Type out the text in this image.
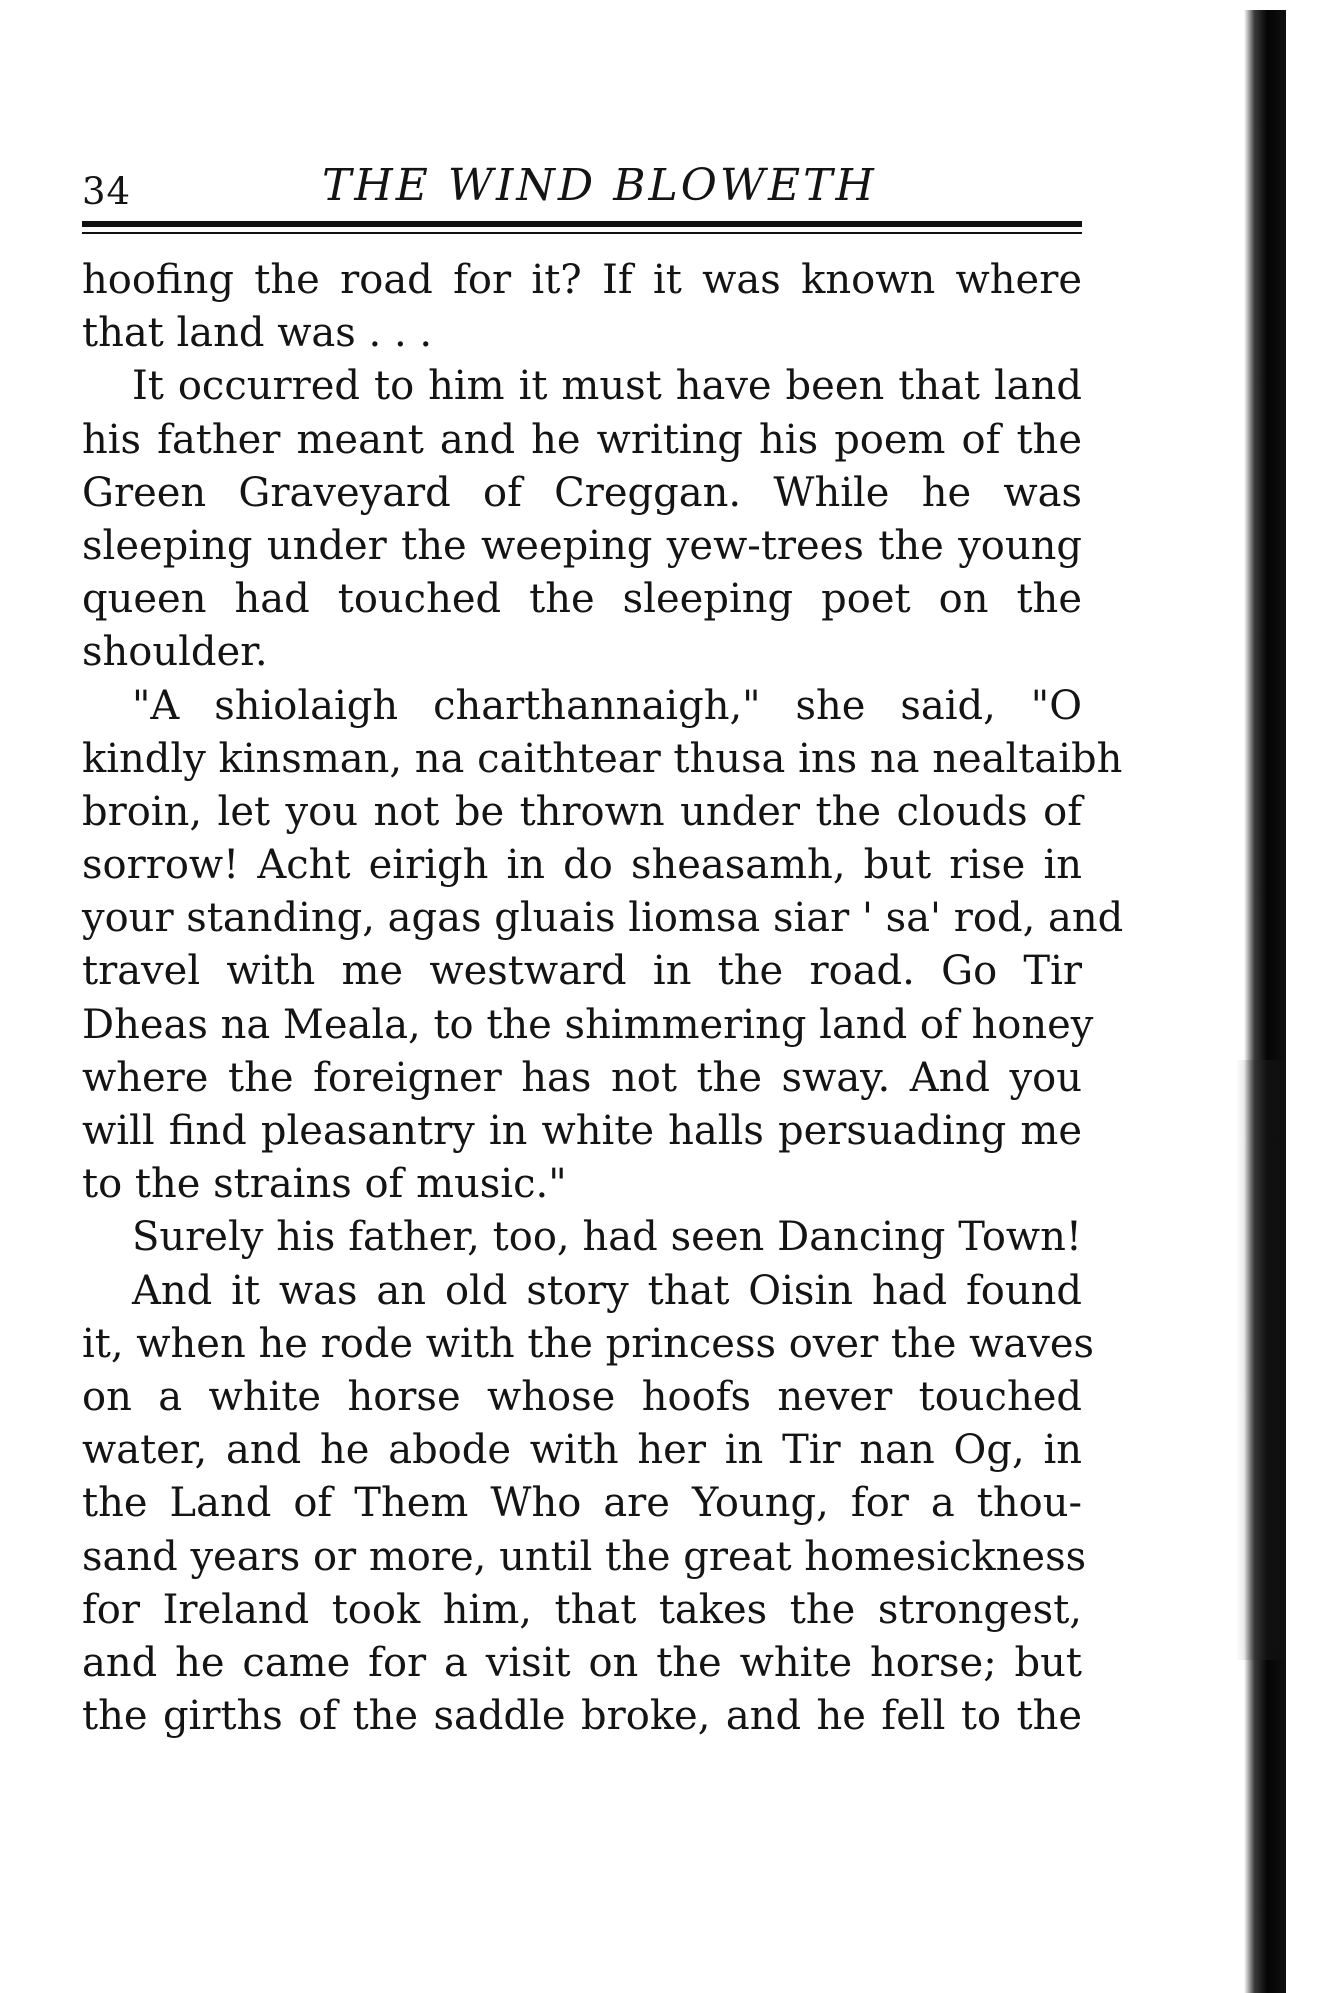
34	THE WIND BLOWETH
hoofing the road for it? If it was known where
that land was . . .
It occurred to him it must have been that land
his father meant and he writing his poem of the
Green Graveyard of Creggan. While he was
sleeping under the weeping yew-trees the young
queen had touched the sleeping poet on the
shoulder.
"A shiolaigh charthannaigh," she said, "O
kindly kinsman, na caithtear thusa ins na nealtaibh
broin, let you not be thrown under the clouds of
sorrow! Acht eirigh in do sheasamh, but rise in
your standing, agas gluais liomsa siar ' sa' rod, and
travel with me westward in the road. Go Tir
Dheas na Meala, to the shimmering land of honey
where the foreigner has not the sway. And you
will find pleasantry in white halls persuading me
to the strains of music."
Surely his father, too, had seen Dancing Town!
And it was an old story that Oisin had found
it, when he rode with the princess over the waves
on a white horse whose hoofs never touched
water, and he abode with her in Tir nan Og, in
the Land of Them Who are Young, for a thou-
sand years or more, until the great homesickness
for Ireland took him, that takes the strongest,
and he came for a visit on the white horse; but
the girths of the saddle broke, and he fell to the
